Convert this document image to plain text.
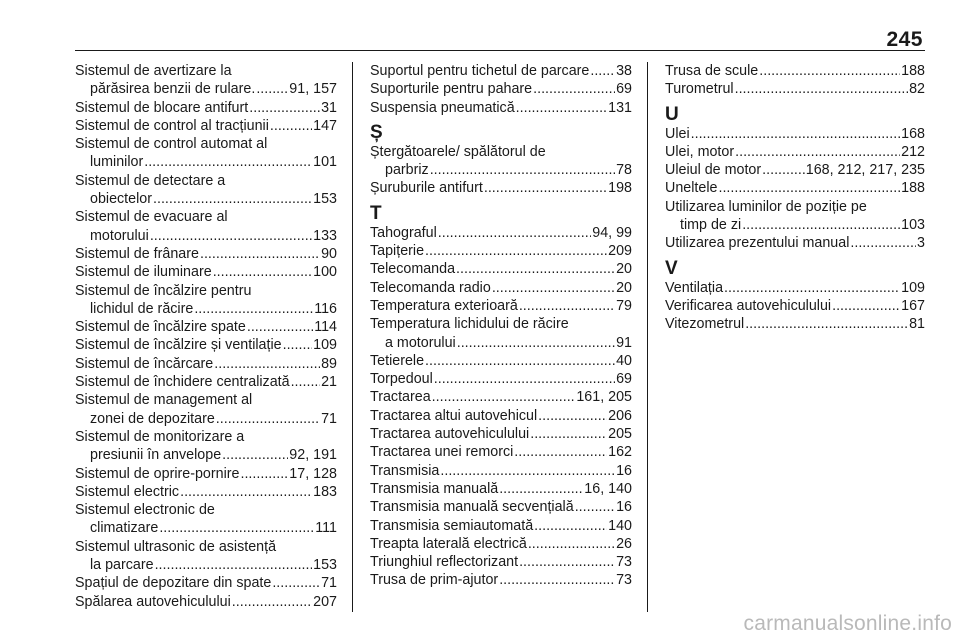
245
Sistemul de avertizare la
părăsirea benzii de rulare. ..... 91, 157
Sistemul de blocare antifurt .....	31
Sistemul de control al tracțiunii .....	147
Sistemul de control automat al
luminilor .....	101
Sistemul de detectare a
obiectelor .....	153
Sistemul de evacuare al
motorului .....	133
Sistemul de frânare .....	90
Sistemul de iluminare .....	100
Sistemul de încălzire pentru
lichidul de răcire .....	116
Sistemul de încălzire spate .....	114
Sistemul de încălzire și ventilație ..... 109
Sistemul de încărcare .....	89
Sistemul de închidere centralizată ..... 21
Sistemul de management al
zonei de depozitare .....	71
Sistemul de monitorizare a
presiunii în anvelope .....	92, 191
Sistemul de oprire-pornire .....	17, 128
Sistemul electric .....	183
Sistemul electronic de
climatizare .....	111
Sistemul ultrasonic de asistență
la parcare .....	153
Spațiul de depozitare din spate .....	71
Spălarea autovehiculului .....	207
Suportul pentru tichetul de parcare ..... 38
Suporturile pentru pahare .....	69
Suspensia pneumatică .....	131
Ș
Ștergătoarele/ spălătorul de
parbriz .....	78
Șuruburile antifurt .....	198
T
Tahograful .....	94, 99
Tapițerie .....	209
Telecomanda .....	20
Telecomanda radio .....	20
Temperatura exterioară .....	79
Temperatura lichidului de răcire
a motorului .....	91
Tetierele .....	40
Torpedoul .....	69
Tractarea .....	161, 205
Tractarea altui autovehicul .....	206
Tractarea autovehiculului .....	205
Tractarea unei remorci .....	162
Transmisia .....	16
Transmisia manuală .....	16, 140
Transmisia manuală secvențială .....	16
Transmisia semiautomată .....	140
Treapta laterală electrică .....	26
Triunghiul reflectorizant .....	73
Trusa de prim-ajutor .....	73
Trusa de scule .....	188
Turometrul .....	82
U
Ulei .....	168
Ulei, motor .....	212
Uleiul de motor .....	168, 212, 217, 235
Uneltele .....	188
Utilizarea luminilor de poziție pe
timp de zi .....	103
Utilizarea prezentului manual .....	3
V
Ventilația .....	109
Verificarea autovehiculului .....	167
Vitezometrul .....	81
carmanualsonline.info
